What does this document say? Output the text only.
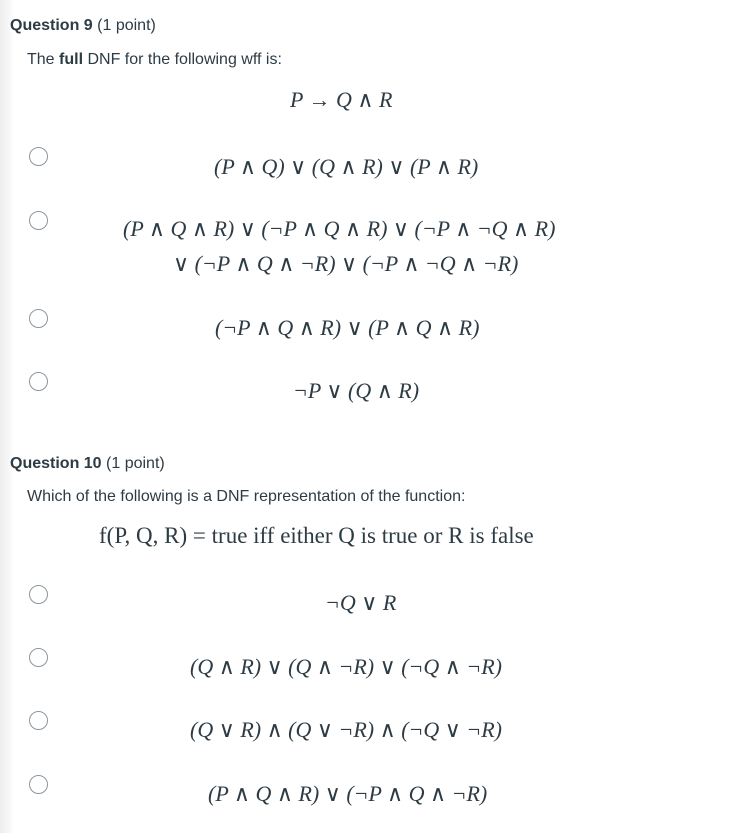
Question 9 (1 point)
The full DNF for the following wff is:
P → Q ∧ R
(P ∧ Q) ∨ (Q ∧ R) ∨ (P ∧ R)
(P ∧ Q ∧ R) ∨ (¬P ∧ Q ∧ R) ∨ (¬P ∧ ¬Q ∧ R)
∨ (¬P ∧ Q ∧ ¬R) ∨ (¬P ∧ ¬Q ∧ ¬R)
(¬P ∧ Q ∧ R) ∨ (P ∧ Q ∧ R)
¬P ∨ (Q ∧ R)
Question 10 (1 point)
Which of the following is a DNF representation of the function:
f(P, Q, R) = true iff either Q is true or R is false
¬Q ∨ R
(Q ∧ R) ∨ (Q ∧ ¬R) ∨ (¬Q ∧ ¬R)
(Q ∨ R) ∧ (Q ∨ ¬R) ∧ (¬Q ∨ ¬R)
(P ∧ Q ∧ R) ∨ (¬P ∧ Q ∧ ¬R)
